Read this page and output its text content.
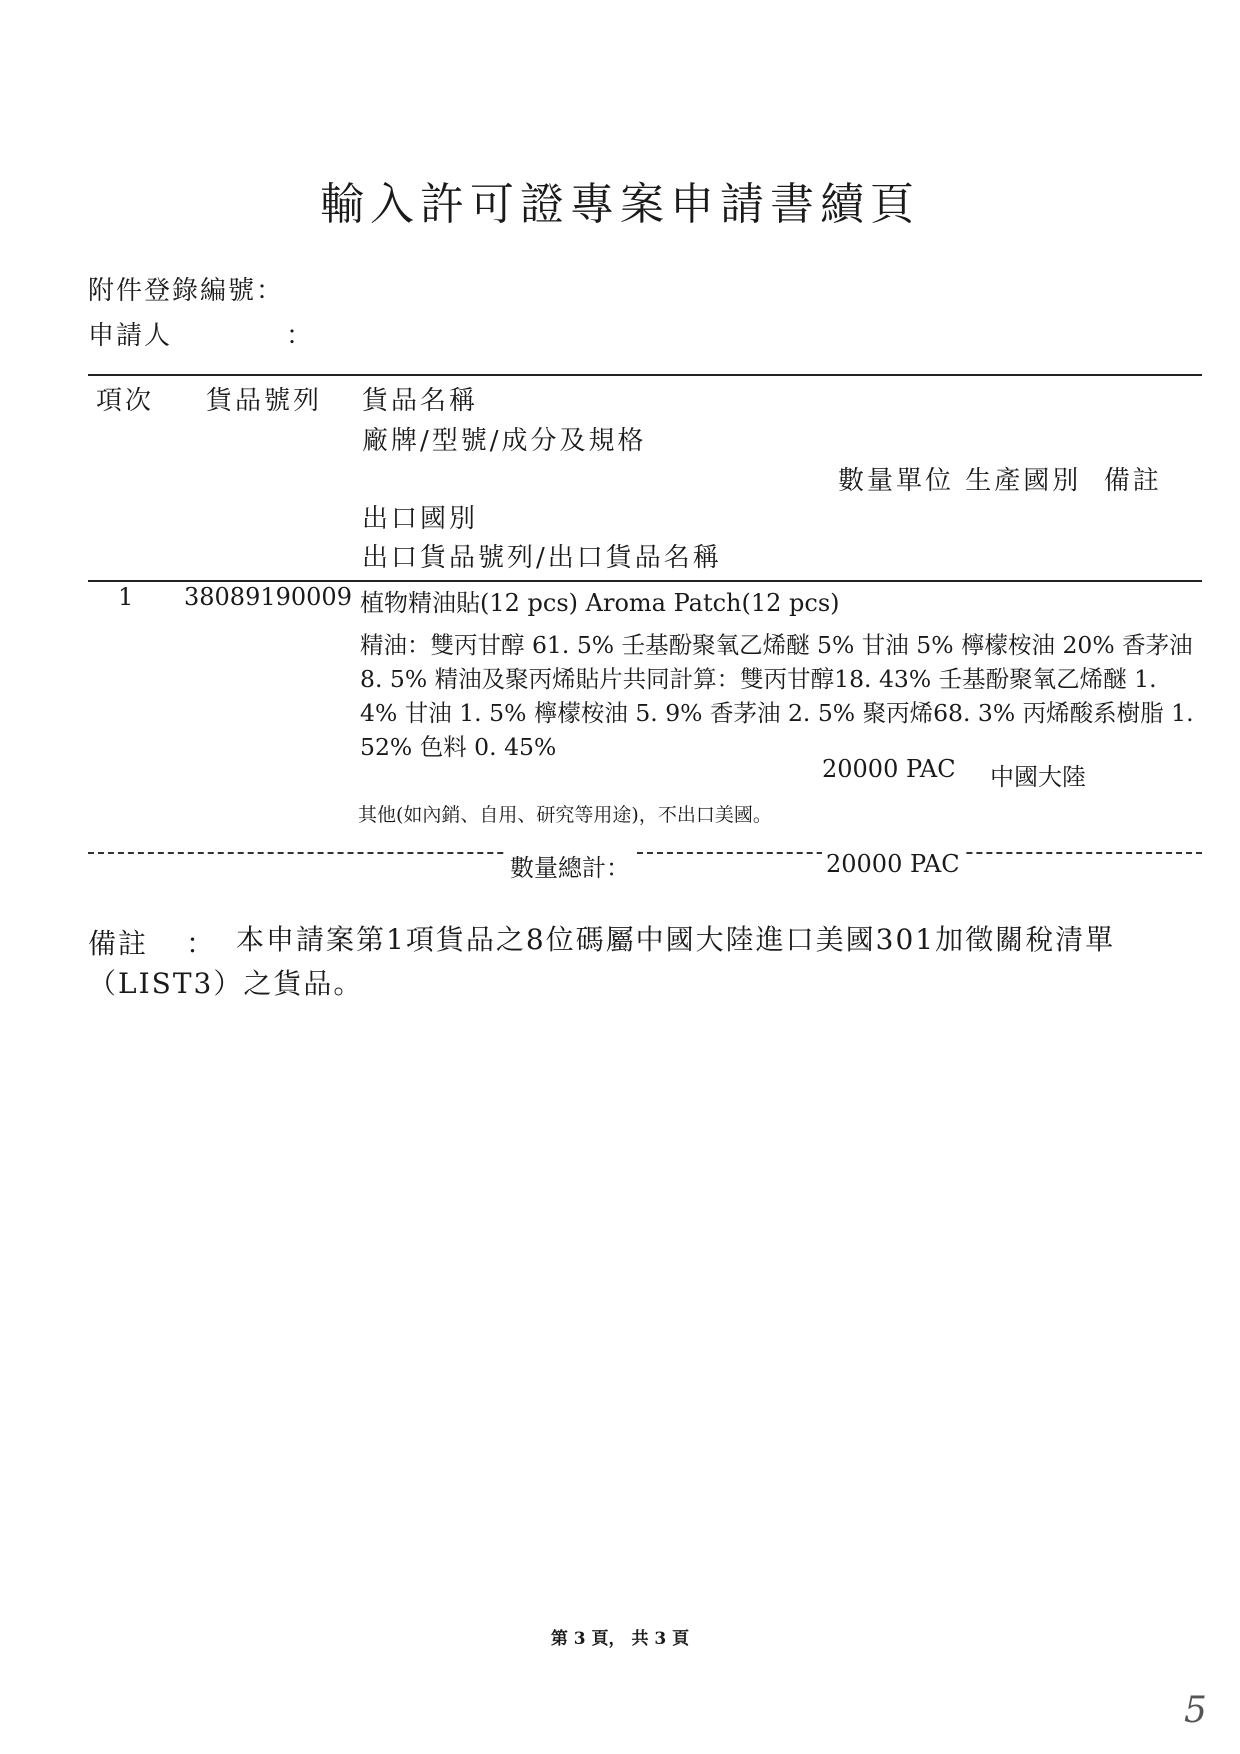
輸入許可證專案申請書續頁
附件登錄編號：
申請人	：
項次 貨品號列 貨品名稱
廠牌/型號/成分及規格
數量單位 生產國別  備註
出口國別
出口貨品號列/出口貨品名稱
1 38089190009 植物精油貼(12 pcs) Aroma Patch(12 pcs)
精油：雙丙甘醇 61. 5% 壬基酚聚氧乙烯醚 5% 甘油 5% 檸檬桉油 20% 香茅油 8. 5% 精油及聚丙烯貼片共同計算：雙丙甘醇18. 43% 壬基酚聚氧乙烯醚 1. 4% 甘油 1. 5% 檸檬桉油 5. 9% 香茅油 2. 5% 聚丙烯68. 3% 丙烯酸系樹脂 1. 52% 色料 0. 45%
20000 PAC 中國大陸
其他(如內銷、自用、研究等用途)，不出口美國。
數量總計：	20000 PAC
備註 ： 本申請案第1項貨品之8位碼屬中國大陸進口美國301加徵關稅清單（LIST3）之貨品。
第 3 頁， 共 3 頁
5
